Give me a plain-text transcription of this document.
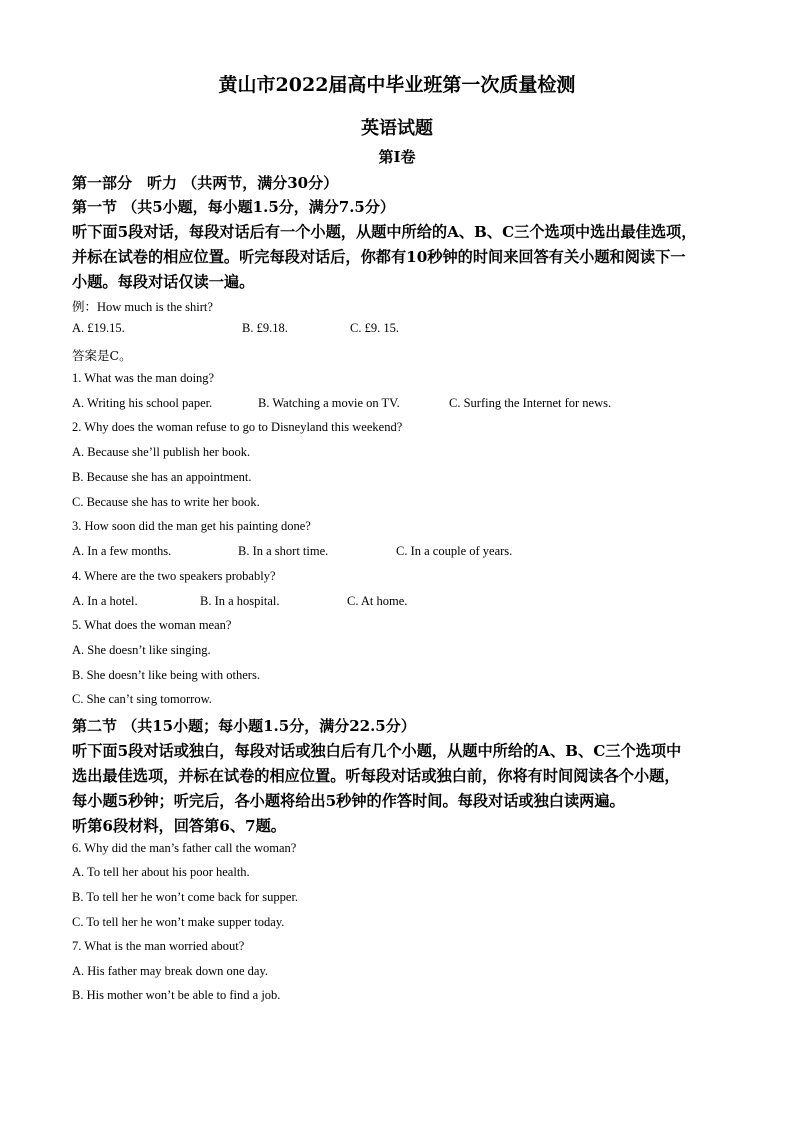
黄山市2022届高中毕业班第一次质量检测
英语试题
第I卷
第一部分　听力 （共两节，满分30分）
第一节 （共5小题，每小题1.5分，满分7.5分）
听下面5段对话，每段对话后有一个小题，从题中所给的A、B、C三个选项中选出最佳选项，
并标在试卷的相应位置。听完每段对话后，你都有10秒钟的时间来回答有关小题和阅读下一
小题。每段对话仅读一遍。
例：How much is the shirt?
A. £19.15.	B. £9.18.	C. £9. 15.
答案是C。
1. What was the man doing?
A. Writing his school paper.	B. Watching a movie on TV.	C. Surfing the Internet for news.
2. Why does the woman refuse to go to Disneyland this weekend?
A. Because she’ll publish her book.
B. Because she has an appointment.
C. Because she has to write her book.
3. How soon did the man get his painting done?
A. In a few months.	B. In a short time.	C. In a couple of years.
4. Where are the two speakers probably?
A. In a hotel.	B. In a hospital.	C. At home.
5. What does the woman mean?
A. She doesn’t like singing.
B. She doesn’t like being with others.
C. She can’t sing tomorrow.
第二节 （共15小题；每小题1.5分，满分22.5分）
听下面5段对话或独白，每段对话或独白后有几个小题，从题中所给的A、B、C三个选项中
选出最佳选项，并标在试卷的相应位置。听每段对话或独白前，你将有时间阅读各个小题，
每小题5秒钟；听完后，各小题将给出5秒钟的作答时间。每段对话或独白读两遍。
听第6段材料，回答第6、7题。
6. Why did the man’s father call the woman?
A. To tell her about his poor health.
B. To tell her he won’t come back for supper.
C. To tell her he won’t make supper today.
7. What is the man worried about?
A. His father may break down one day.
B. His mother won’t be able to find a job.
